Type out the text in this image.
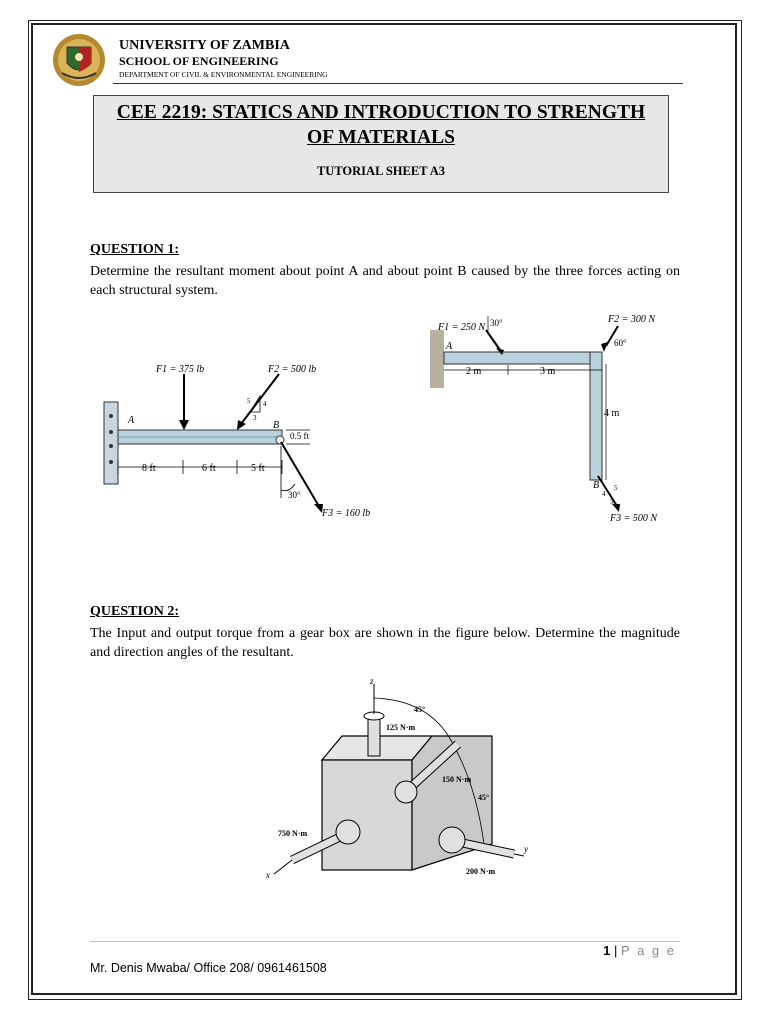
UNIVERSITY OF ZAMBIA
SCHOOL OF ENGINEERING
DEPARTMENT OF CIVIL & ENVIRONMENTAL ENGINEERING
CEE 2219: STATICS AND INTRODUCTION TO STRENGTH OF MATERIALS
TUTORIAL SHEET A3
QUESTION 1:
Determine the resultant moment about point A and about point B caused by the three forces acting on each structural system.
F1 = 375 lb	F2 = 500 lb
F3 = 160 lb
A	B
8 ft	6 ft	5 ft
0.5 ft
30°
5 4
3
F1 = 250 N
F2 = 300 N
F3 = 500 N
30°
60°
A
B
2 m	3 m
4 m
4
5
3
QUESTION 2:
The Input and output torque from a gear box are shown in the figure below. Determine the magnitude and direction angles of the resultant.
z
x
y
125 N·m
150 N·m
750 N·m
200 N·m
45°
45°
1 | P a g e
Mr. Denis Mwaba/ Office 208/ 0961461508
